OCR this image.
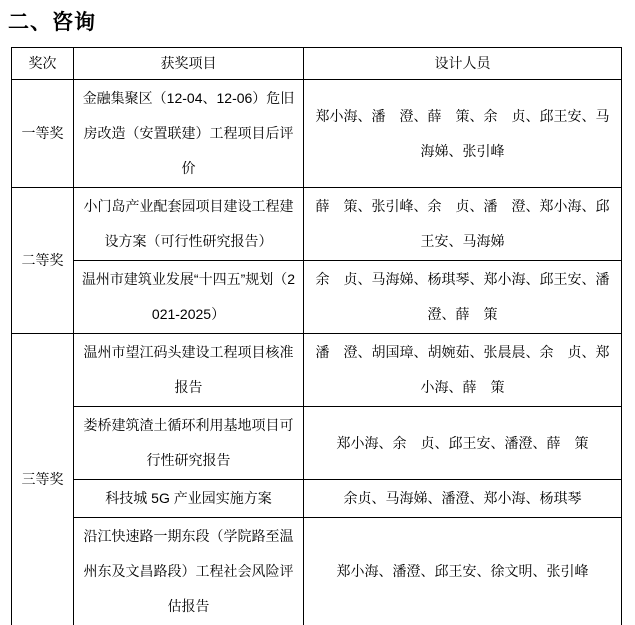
二、咨询
奖次	获奖项目	设计人员
一等奖	金融集聚区（12-04、12-06）危旧房改造（安置联建）工程项目后评价	郑小海、潘　澄、薛　策、余　贞、邱王安、马海娣、张引峰
二等奖	小门岛产业配套园项目建设工程建设方案（可行性研究报告）	薛　策、张引峰、余　贞、潘　澄、郑小海、邱王安、马海娣
	温州市建筑业发展“十四五”规划（2021-2025）	余　贞、马海娣、杨琪琴、郑小海、邱王安、潘　澄、薛　策
三等奖	温州市望江码头建设工程项目核准报告	潘　澄、胡国璋、胡婉茹、张晨晨、余　贞、郑小海、薛　策
	娄桥建筑渣土循环利用基地项目可行性研究报告	郑小海、余　贞、邱王安、潘澄、薛　策
	科技城 5G 产业园实施方案	余贞、马海娣、潘澄、郑小海、杨琪琴
	沿江快速路一期东段（学院路至温州东及文昌路段）工程社会风险评估报告	郑小海、潘澄、邱王安、徐文明、张引峰
